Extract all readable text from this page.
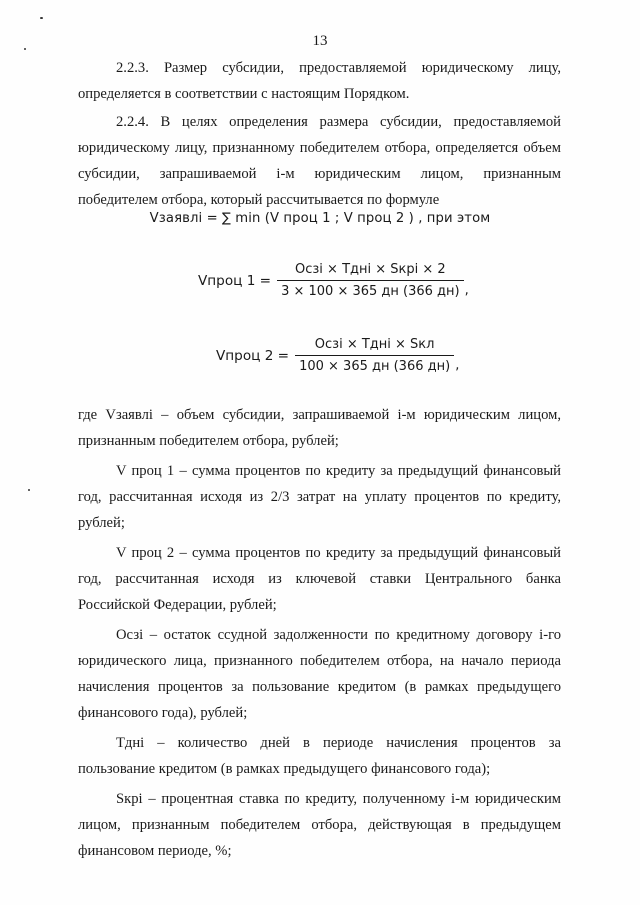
13

2.2.3. Размер субсидии, предоставляемой юридическому лицу, определяется в соответствии с настоящим Порядком.

2.2.4. В целях определения размера субсидии, предоставляемой юридическому лицу, признанному победителем отбора, определяется объем субсидии, запрашиваемой i-м юридическим лицом, признанным победителем отбора, который рассчитывается по формуле

Vзаявлi = ∑ min (V проц 1 ; V проц 2 ) , при этом
Vпроц $1 = \frac{\text{Осзi × Tднi × Sкрi × 2}}{3 \times 100 \times 365 дн (366 дн)}$ ,
Vпроц $2 = \frac{\text{Осзi × Tднi × Sкл}}{100 \times 365 дн (366 дн)}$ ,

где Vзаявлi – объем субсидии, запрашиваемой i-м юридическим лицом, признанным победителем отбора, рублей;

V проц 1 – сумма процентов по кредиту за предыдущий финансовый год, рассчитанная исходя из 2/3 затрат на уплату процентов по кредиту, рублей;

V проц 2 – сумма процентов по кредиту за предыдущий финансовый год, рассчитанная исходя из ключевой ставки Центрального банка Российской Федерации, рублей;

Осзi – остаток ссудной задолженности по кредитному договору i-го юридического лица, признанного победителем отбора, на начало периода начисления процентов за пользование кредитом (в рамках предыдущего финансового года), рублей;

Tднi – количество дней в периоде начисления процентов за пользование кредитом (в рамках предыдущего финансового года);

Sкрi – процентная ставка по кредиту, полученному i-м юридическим лицом, признанным победителем отбора, действующая в предыдущем финансовом периоде, %;
